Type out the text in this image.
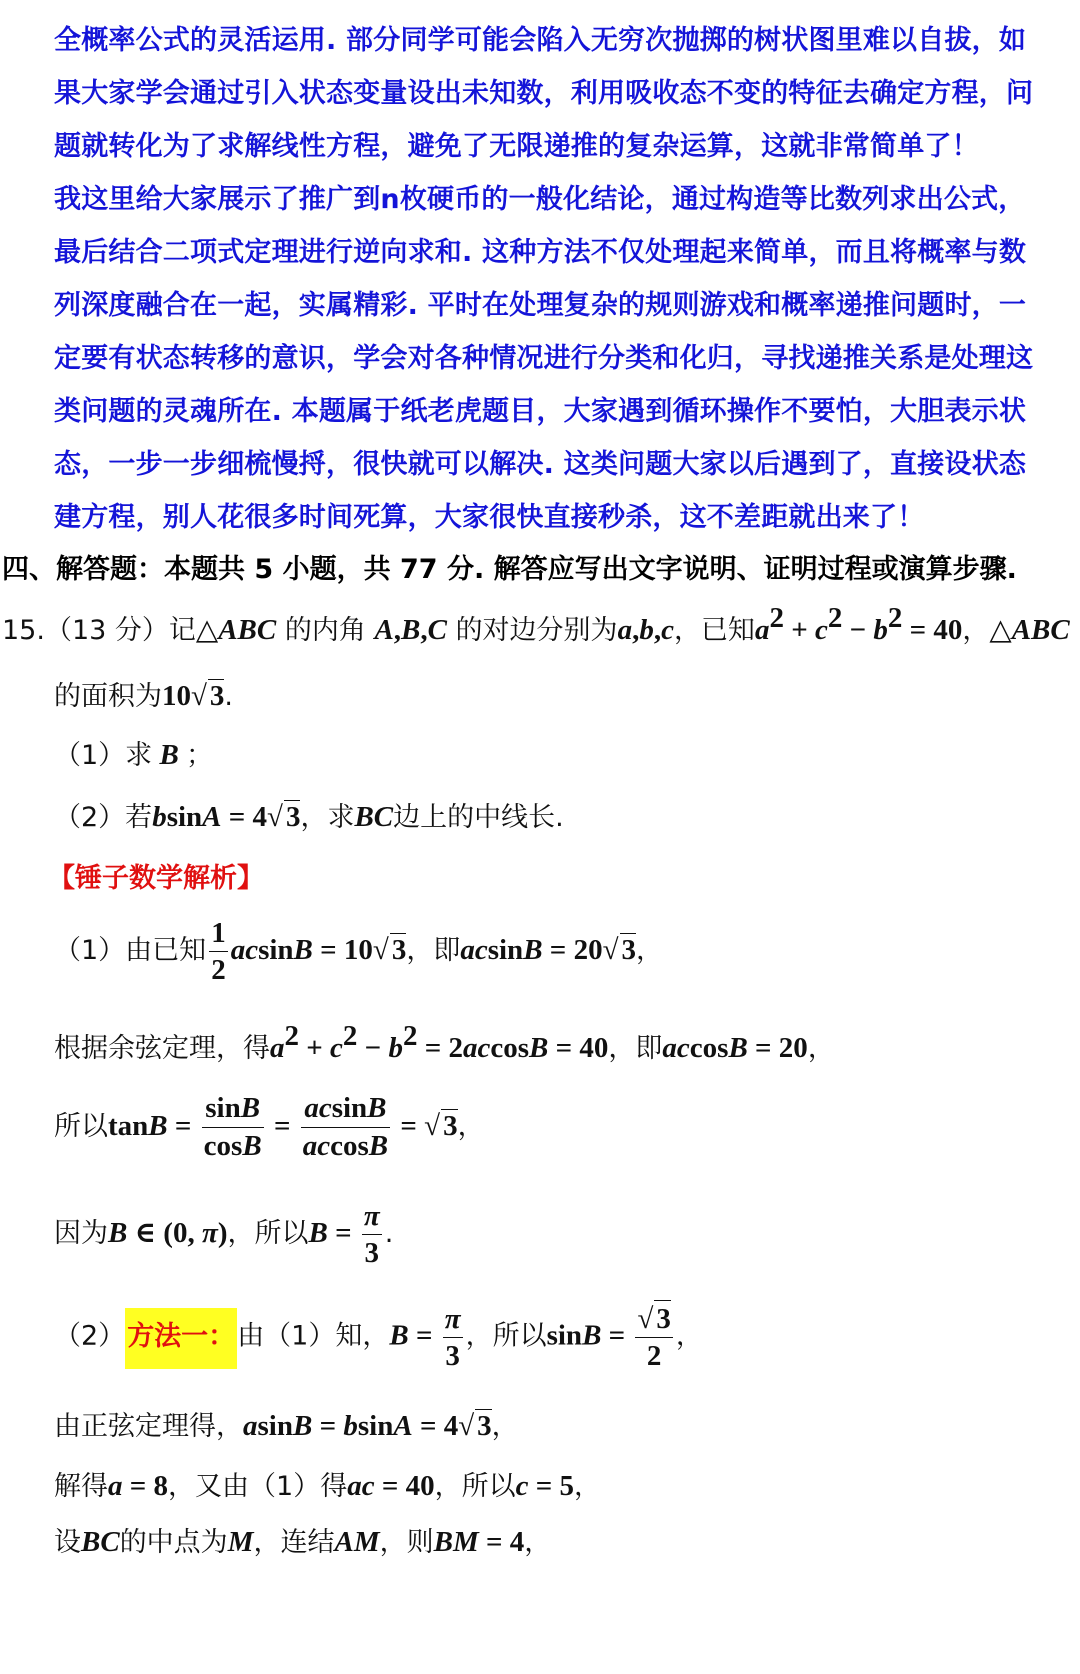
全概率公式的灵活运用. 部分同学可能会陷入无穷次抛掷的树状图里难以自拔，如
果大家学会通过引入状态变量设出未知数，利用吸收态不变的特征去确定方程，问
题就转化为了求解线性方程，避免了无限递推的复杂运算，这就非常简单了！
我这里给大家展示了推广到n枚硬币的一般化结论，通过构造等比数列求出公式，
最后结合二项式定理进行逆向求和. 这种方法不仅处理起来简单，而且将概率与数
列深度融合在一起，实属精彩. 平时在处理复杂的规则游戏和概率递推问题时，一
定要有状态转移的意识，学会对各种情况进行分类和化归，寻找递推关系是处理这
类问题的灵魂所在. 本题属于纸老虎题目，大家遇到循环操作不要怕，大胆表示状
态，一步一步细梳慢捋，很快就可以解决. 这类问题大家以后遇到了，直接设状态
建方程，别人花很多时间死算，大家很快直接秒杀，这不差距就出来了！
四、解答题：本题共 5 小题，共 77 分. 解答应写出文字说明、证明过程或演算步骤.
15.（13 分）记△ABC 的内角 A,B,C 的对边分别为a,b,c，已知$a^2 + c^2 - b^2 = 40$，△ABC
的面积为10√ 3.
（1）求 B ；
（2）若bsinA = 4√ 3，求BC边上的中线长.
【锤子数学解析】
（1）由已知 $\frac{1}{2}$ acsinB = 10√ 3，即acsinB = 20√ 3，
根据余弦定理，得$a^2 + c^2 - b^2 = 2accosB = 40$，即accosB = 20，
所以$\tan B = \frac{\sin B}{\cos B} = \frac{acsinB}{accosB}$ = √ 3，
因为B ∈ (0, π)，所以$B = \frac{\pi}{3}$ .
（2）方法一：由（1）知，$B = \frac{\pi}{3}$ ，所以$\sin B = \frac{√ 3}{2}$ ，
由正弦定理得，asinB = bsinA = 4√ 3，
解得a = 8，又由（1）得ac = 40，所以c = 5，
设BC的中点为M，连结AM，则BM = 4，
